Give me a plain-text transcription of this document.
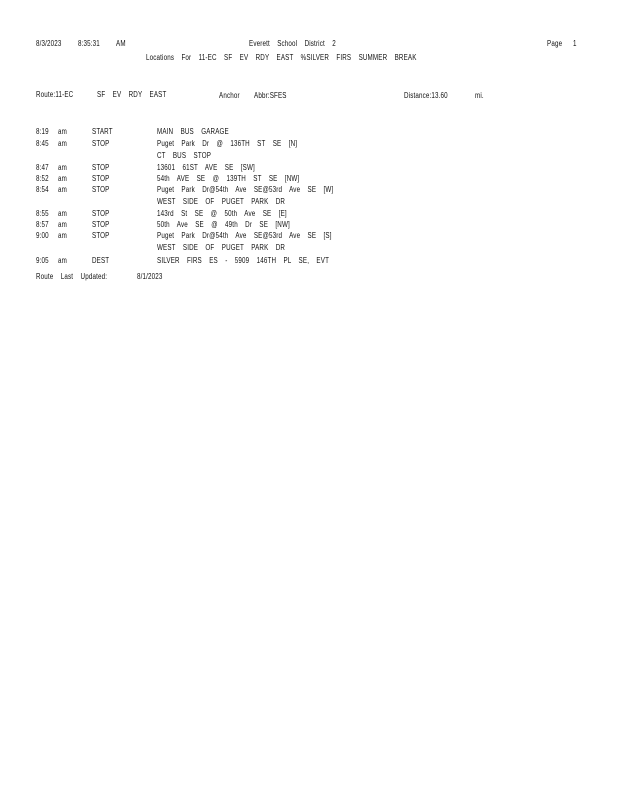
8/3/2023 8:35:31 AM	Everett School District 2	Page 1
Locations For 11-EC SF EV RDY EAST %SILVER FIRS SUMMER BREAK
Route:11-EC	SF EV RDY EAST	Anchor Abbr:SFES	Distance:13.60	mi.
8:19 am	START	MAIN BUS GARAGE
8:45 am	STOP	Puget Park Dr @ 136TH ST SE [N]
CT BUS STOP
8:47 am	STOP	13601 61ST AVE SE [SW]
8:52 am	STOP	54th AVE SE @ 139TH ST SE [NW]
8:54 am	STOP	Puget Park Dr@54th Ave SE@53rd Ave SE [W]
WEST SIDE OF PUGET PARK DR
8:55 am	STOP	143rd St SE @ 50th Ave SE [E]
8:57 am	STOP	50th Ave SE @ 49th Dr SE [NW]
9:00 am	STOP	Puget Park Dr@54th Ave SE@53rd Ave SE [S]
WEST SIDE OF PUGET PARK DR
9:05 am	DEST	SILVER FIRS ES - 5909 146TH PL SE, EVT
Route Last Updated:	8/1/2023
